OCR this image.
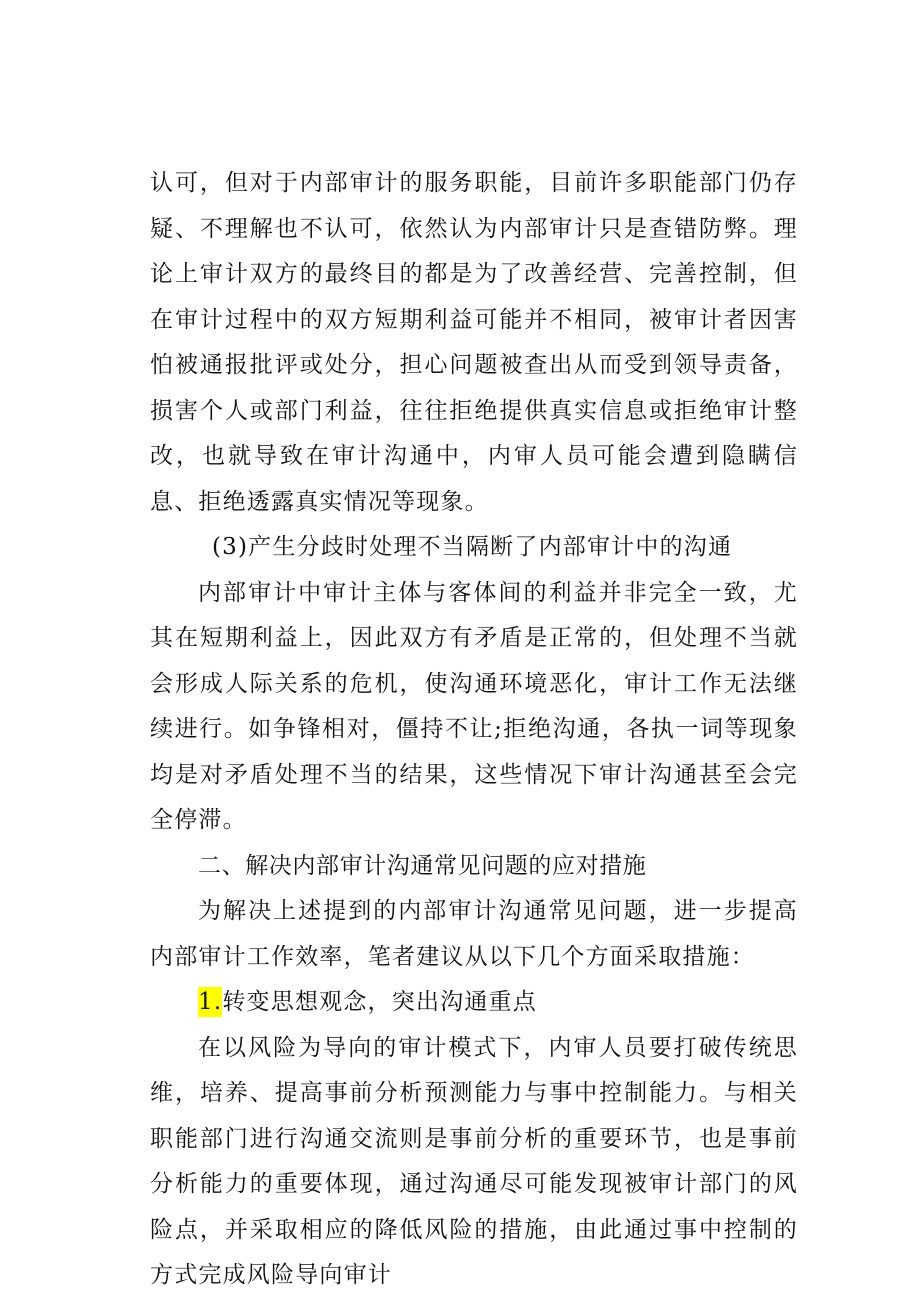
认可，但对于内部审计的服务职能，目前许多职能部门仍存疑、不理解也不认可，依然认为内部审计只是查错防弊。理论上审计双方的最终目的都是为了改善经营、完善控制，但在审计过程中的双方短期利益可能并不相同，被审计者因害怕被通报批评或处分，担心问题被查出从而受到领导责备，损害个人或部门利益，往往拒绝提供真实信息或拒绝审计整改，也就导致在审计沟通中，内审人员可能会遭到隐瞒信息、拒绝透露真实情况等现象。

(3)产生分歧时处理不当隔断了内部审计中的沟通

内部审计中审计主体与客体间的利益并非完全一致，尤其在短期利益上，因此双方有矛盾是正常的，但处理不当就会形成人际关系的危机，使沟通环境恶化，审计工作无法继续进行。如争锋相对，僵持不让;拒绝沟通，各执一词等现象均是对矛盾处理不当的结果，这些情况下审计沟通甚至会完全停滞。

二、解决内部审计沟通常见问题的应对措施

为解决上述提到的内部审计沟通常见问题，进一步提高内部审计工作效率，笔者建议从以下几个方面采取措施：

1.转变思想观念，突出沟通重点

在以风险为导向的审计模式下，内审人员要打破传统思维，培养、提高事前分析预测能力与事中控制能力。与相关职能部门进行沟通交流则是事前分析的重要环节，也是事前分析能力的重要体现，通过沟通尽可能发现被审计部门的风险点，并采取相应的降低风险的措施，由此通过事中控制的方式完成风险导向审计
